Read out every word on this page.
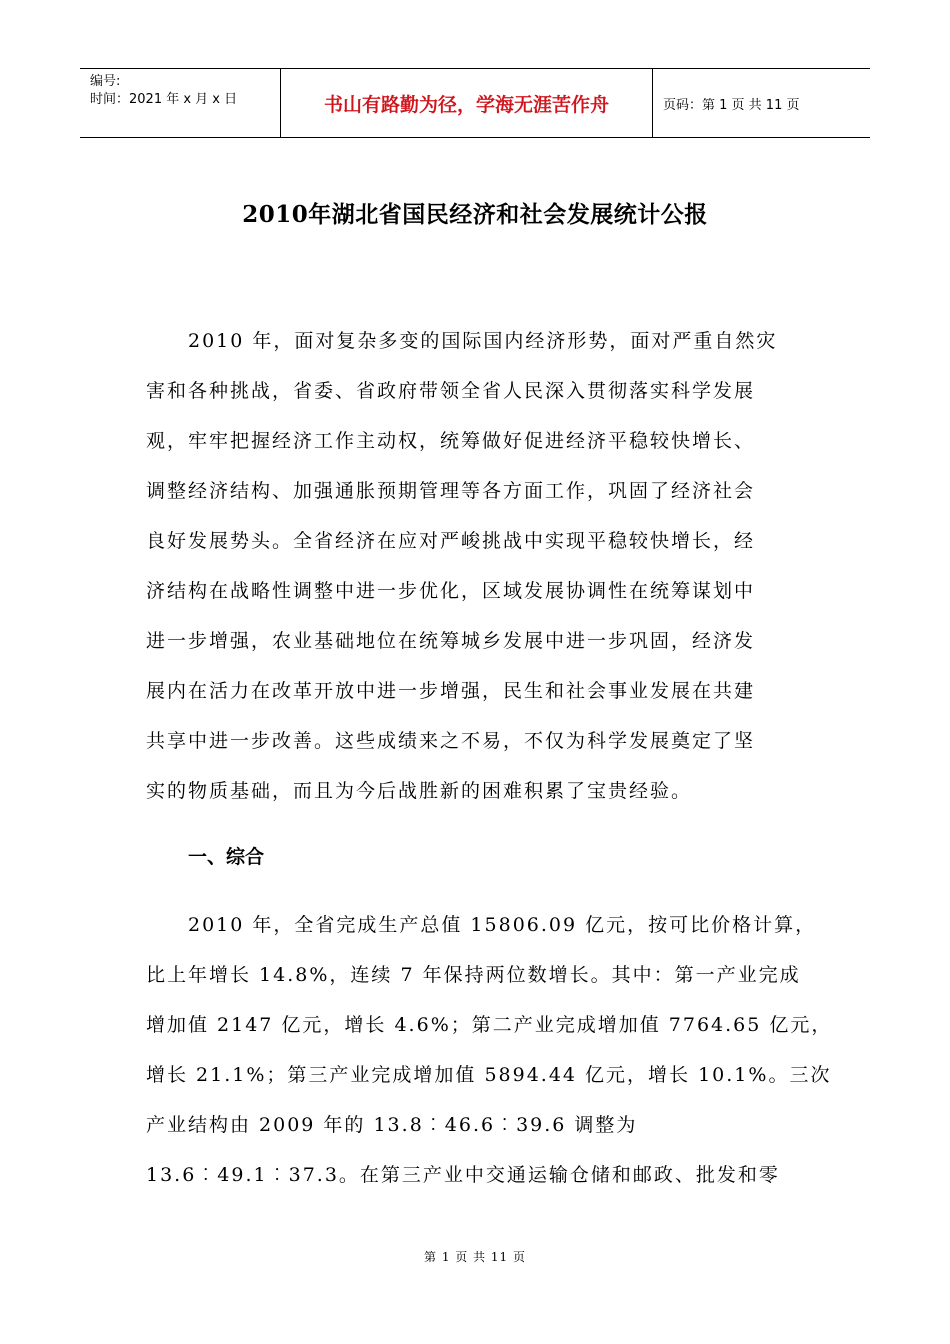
编号:
时间：2021 年 x 月 x 日	书山有路勤为径，学海无涯苦作舟	页码：第 1 页 共 11 页
2010年湖北省国民经济和社会发展统计公报
2010 年，面对复杂多变的国际国内经济形势，面对严重自然灾
害和各种挑战，省委、省政府带领全省人民深入贯彻落实科学发展
观，牢牢把握经济工作主动权，统筹做好促进经济平稳较快增长、
调整经济结构、加强通胀预期管理等各方面工作，巩固了经济社会
良好发展势头。全省经济在应对严峻挑战中实现平稳较快增长，经
济结构在战略性调整中进一步优化，区域发展协调性在统筹谋划中
进一步增强，农业基础地位在统筹城乡发展中进一步巩固，经济发
展内在活力在改革开放中进一步增强，民生和社会事业发展在共建
共享中进一步改善。这些成绩来之不易，不仅为科学发展奠定了坚
实的物质基础，而且为今后战胜新的困难积累了宝贵经验。
一、综合
2010 年，全省完成生产总值 15806.09 亿元，按可比价格计算，
比上年增长 14.8%，连续 7 年保持两位数增长。其中：第一产业完成
增加值 2147 亿元，增长 4.6%；第二产业完成增加值 7764.65 亿元，
增长 21.1%；第三产业完成增加值 5894.44 亿元，增长 10.1%。三次
产业结构由 2009 年的 13.8︰46.6︰39.6 调整为
13.6︰49.1︰37.3。在第三产业中交通运输仓储和邮政、批发和零
第 1 页 共 11 页
